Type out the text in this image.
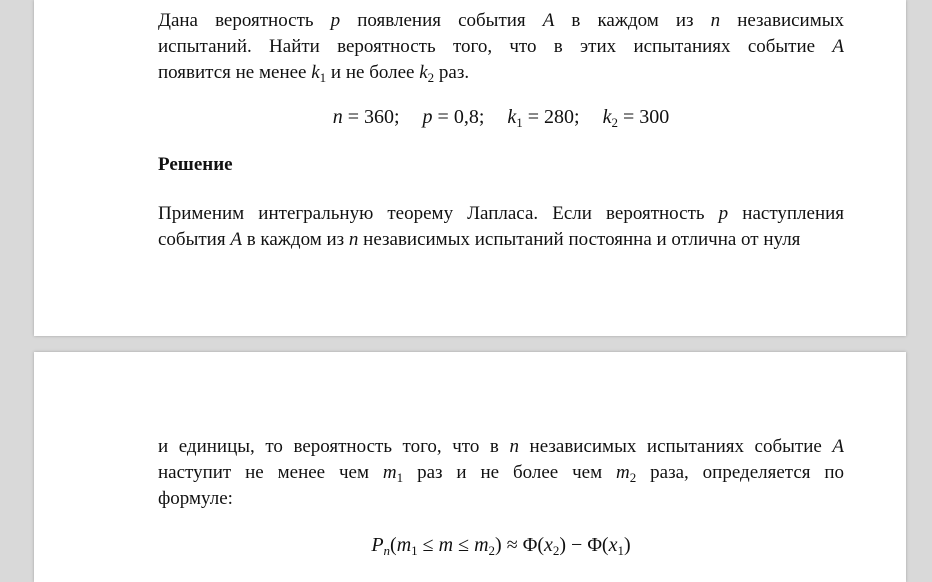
Дана вероятность p появления события A в каждом из n независимых
испытаний. Найти вероятность того, что в этих испытаниях событие A
появится не менее $k_1$ и не более $k_2$ раз.
n = 360; p = 0,8; $k_1 = 280$; $k_2 = 300$
Решение
Применим интегральную теорему Лапласа. Если вероятность p наступления
события A в каждом из n независимых испытаний постоянна и отлична от нуля
и единицы, то вероятность того, что в n независимых испытаниях событие A
наступит не менее чем $m_1$ раз и не более чем $m_2$ раза, определяется по
формуле:
$P_n(m_1 \le m \le m_2) \approx \Phi(x_2) - \Phi(x_1)$
